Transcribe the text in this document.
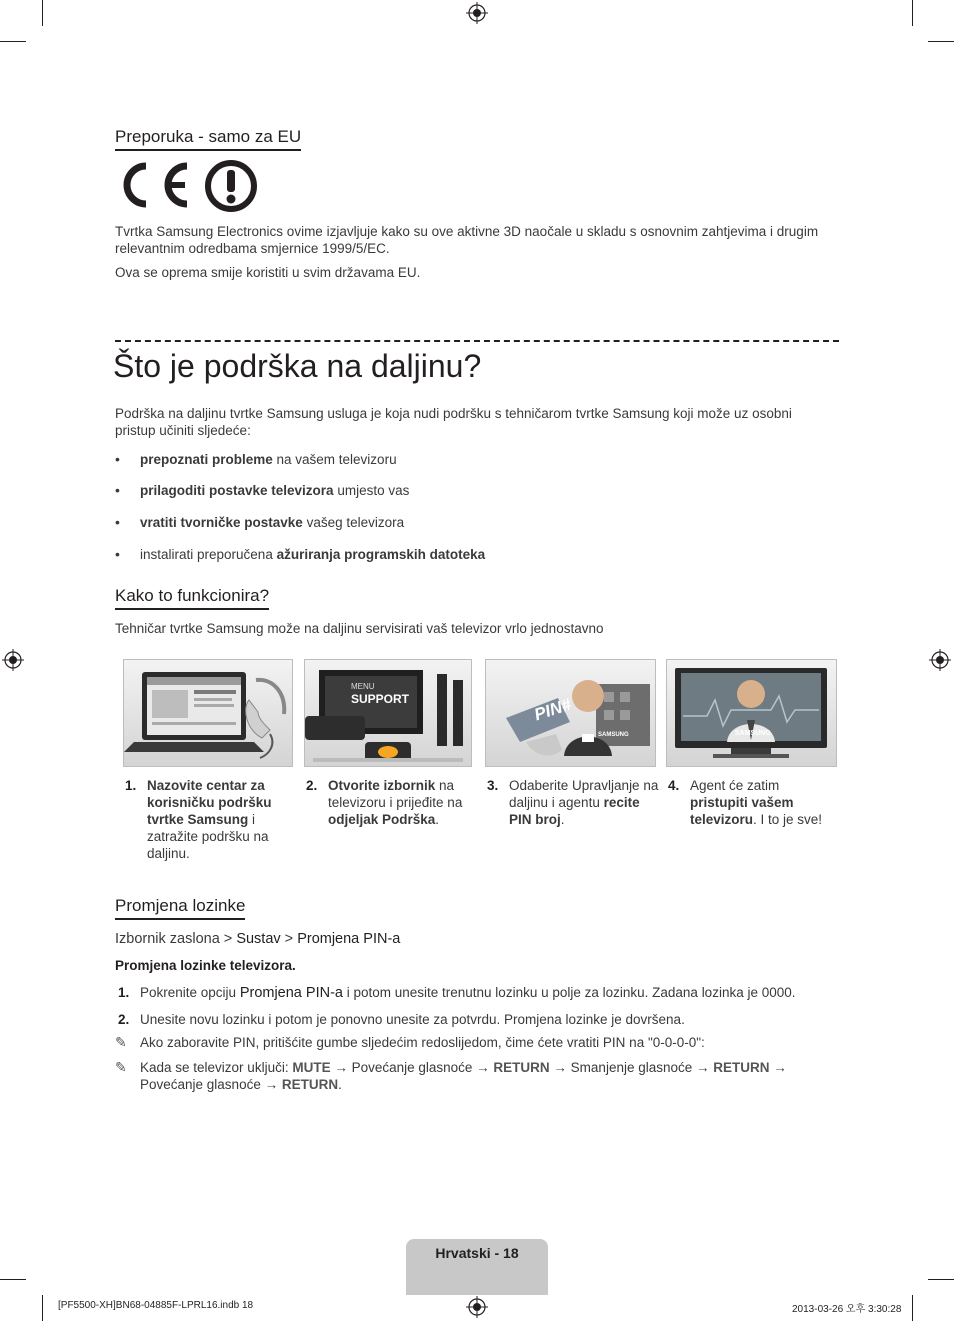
Preporuka - samo za EU
Tvrtka Samsung Electronics ovime izjavljuje kako su ove aktivne 3D naočale u skladu s osnovnim zahtjevima i drugim relevantnim odredbama smjernice 1999/5/EC.
Ova se oprema smije koristiti u svim državama EU.
Što je podrška na daljinu?
Podrška na daljinu tvrtke Samsung usluga je koja nudi podršku s tehničarom tvrtke Samsung koji može uz osobni pristup učiniti sljedeće:
• prepoznati probleme na vašem televizoru
• prilagoditi postavke televizora umjesto vas
• vratiti tvorničke postavke vašeg televizora
• instalirati preporučena ažuriranja programskih datoteka
Kako to funkcionira?
Tehničar tvrtke Samsung može na daljinu servisirati vaš televizor vrlo jednostavno
MENU
SUPPORT	PIN#
SAMSUNG	SAMSUNG
1. Nazovite centar za korisničku podršku tvrtke Samsung i zatražite podršku na daljinu.
2. Otvorite izbornik na televizoru i prijeđite na odjeljak Podrška.
3. Odaberite Upravljanje na daljinu i agentu recite PIN broj.
4. Agent će zatim pristupiti vašem televizoru. I to je sve!
Promjena lozinke
Izbornik zaslona > Sustav > Promjena PIN-a
Promjena lozinke televizora.
1. Pokrenite opciju Promjena PIN-a i potom unesite trenutnu lozinku u polje za lozinku. Zadana lozinka je 0000.
2. Unesite novu lozinku i potom je ponovno unesite za potvrdu. Promjena lozinke je dovršena.
✎ Ako zaboravite PIN, pritišćite gumbe sljedećim redoslijedom, čime ćete vratiti PIN na "0-0-0-0":
✎ Kada se televizor uključi: MUTE → Povećanje glasnoće → RETURN → Smanjenje glasnoće → RETURN → Povećanje glasnoće → RETURN.
Hrvatski - 18
[PF5500-XH]BN68-04885F-LPRL16.indb 18	2013-03-26 오후 3:30:28
